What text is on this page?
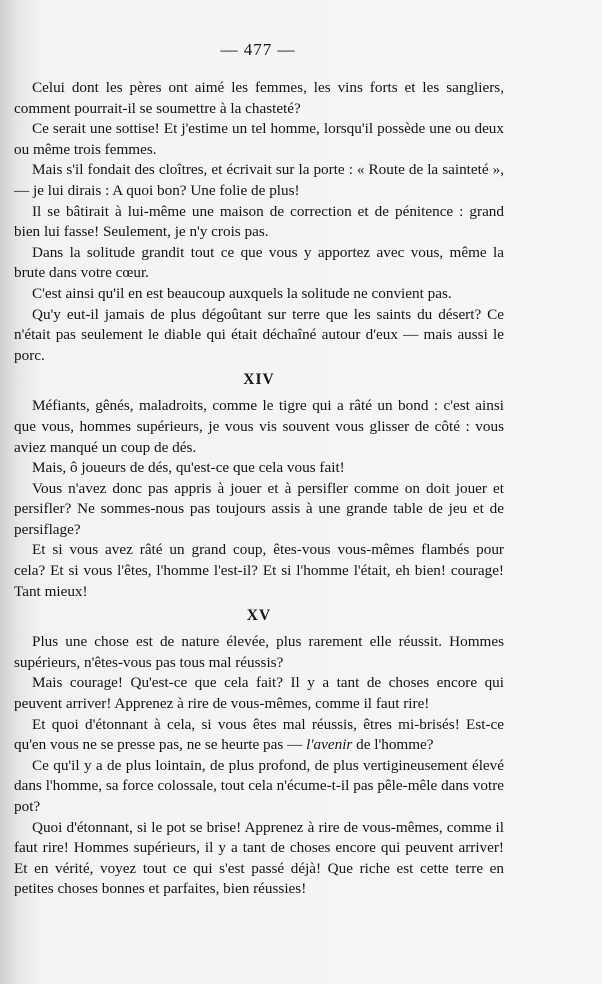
— 477 —

Celui dont les pères ont aimé les femmes, les vins forts et les sangliers, comment pourrait-il se soumettre à la chasteté?

Ce serait une sottise! Et j'estime un tel homme, lorsqu'il possède une ou deux ou même trois femmes.

Mais s'il fondait des cloîtres, et écrivait sur la porte : « Route de la sainteté », — je lui dirais : A quoi bon? Une folie de plus!

Il se bâtirait à lui-même une maison de correction et de pénitence : grand bien lui fasse! Seulement, je n'y crois pas.

Dans la solitude grandit tout ce que vous y apportez avec vous, même la brute dans votre cœur.

C'est ainsi qu'il en est beaucoup auxquels la solitude ne convient pas.

Qu'y eut-il jamais de plus dégoûtant sur terre que les saints du désert? Ce n'était pas seulement le diable qui était déchaîné autour d'eux — mais aussi le porc.

XIV

Méfiants, gênés, maladroits, comme le tigre qui a râté un bond : c'est ainsi que vous, hommes supérieurs, je vous vis souvent vous glisser de côté : vous aviez manqué un coup de dés.

Mais, ô joueurs de dés, qu'est-ce que cela vous fait!

Vous n'avez donc pas appris à jouer et à persifler comme on doit jouer et persifler? Ne sommes-nous pas toujours assis à une grande table de jeu et de persiflage?

Et si vous avez râté un grand coup, êtes-vous vous-mêmes flambés pour cela? Et si vous l'êtes, l'homme l'est-il? Et si l'homme l'était, eh bien! courage! Tant mieux!

XV

Plus une chose est de nature élevée, plus rarement elle réussit. Hommes supérieurs, n'êtes-vous pas tous mal réussis?

Mais courage! Qu'est-ce que cela fait? Il y a tant de choses encore qui peuvent arriver! Apprenez à rire de vous-mêmes, comme il faut rire!

Et quoi d'étonnant à cela, si vous êtes mal réussis, êtres mi-brisés! Est-ce qu'en vous ne se presse pas, ne se heurte pas — l'avenir de l'homme?

Ce qu'il y a de plus lointain, de plus profond, de plus vertigineusement élevé dans l'homme, sa force colossale, tout cela n'écume-t-il pas pêle-mêle dans votre pot?

Quoi d'étonnant, si le pot se brise! Apprenez à rire de vous-mêmes, comme il faut rire! Hommes supérieurs, il y a tant de choses encore qui peuvent arriver! Et en vérité, voyez tout ce qui s'est passé déjà! Que riche est cette terre en petites choses bonnes et parfaites, bien réussies!
